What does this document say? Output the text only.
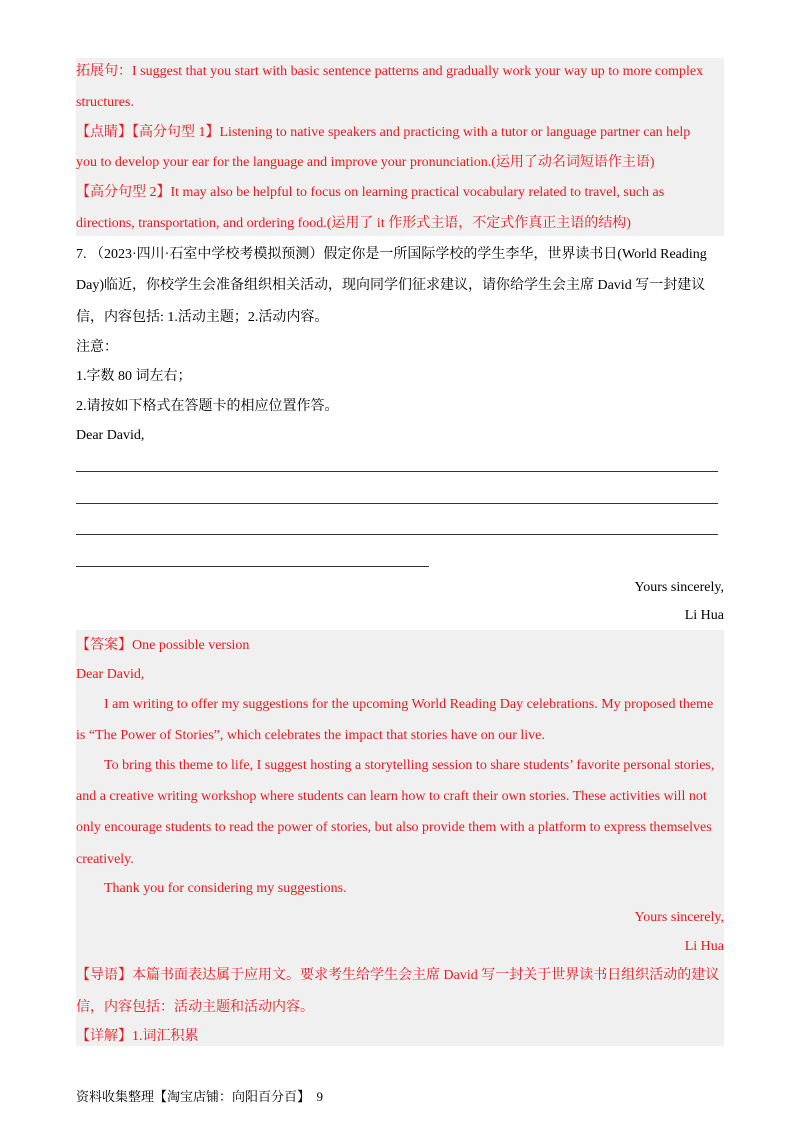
拓展句：I suggest that you start with basic sentence patterns and gradually work your way up to more complex
structures.
【点睛】【高分句型 1】Listening to native speakers and practicing with a tutor or language partner can help
you to develop your ear for the language and improve your pronunciation.(运用了动名词短语作主语)
【高分句型 2】It may also be helpful to focus on learning practical vocabulary related to travel, such as
directions, transportation, and ordering food.(运用了 it 作形式主语，不定式作真正主语的结构)
7. （2023·四川·石室中学校考模拟预测）假定你是一所国际学校的学生李华，世界读书日(World Reading
Day)临近，你校学生会准备组织相关活动，现向同学们征求建议，请你给学生会主席 David 写一封建议
信，内容包括: 1.活动主题；2.活动内容。
注意：
1.字数 80 词左右；
2.请按如下格式在答题卡的相应位置作答。
Dear David,
Yours sincerely,
Li Hua
【答案】One possible version
Dear David,
I am writing to offer my suggestions for the upcoming World Reading Day celebrations. My proposed theme
is “The Power of Stories”, which celebrates the impact that stories have on our live.
To bring this theme to life, I suggest hosting a storytelling session to share students’ favorite personal stories,
and a creative writing workshop where students can learn how to craft their own stories. These activities will not
only encourage students to read the power of stories, but also provide them with a platform to express themselves
creatively.
Thank you for considering my suggestions.
Yours sincerely,
Li Hua
【导语】本篇书面表达属于应用文。要求考生给学生会主席 David 写一封关于世界读书日组织活动的建议
信，内容包括：活动主题和活动内容。
【详解】1.词汇积累
资料收集整理【淘宝店铺：向阳百分百】 9
